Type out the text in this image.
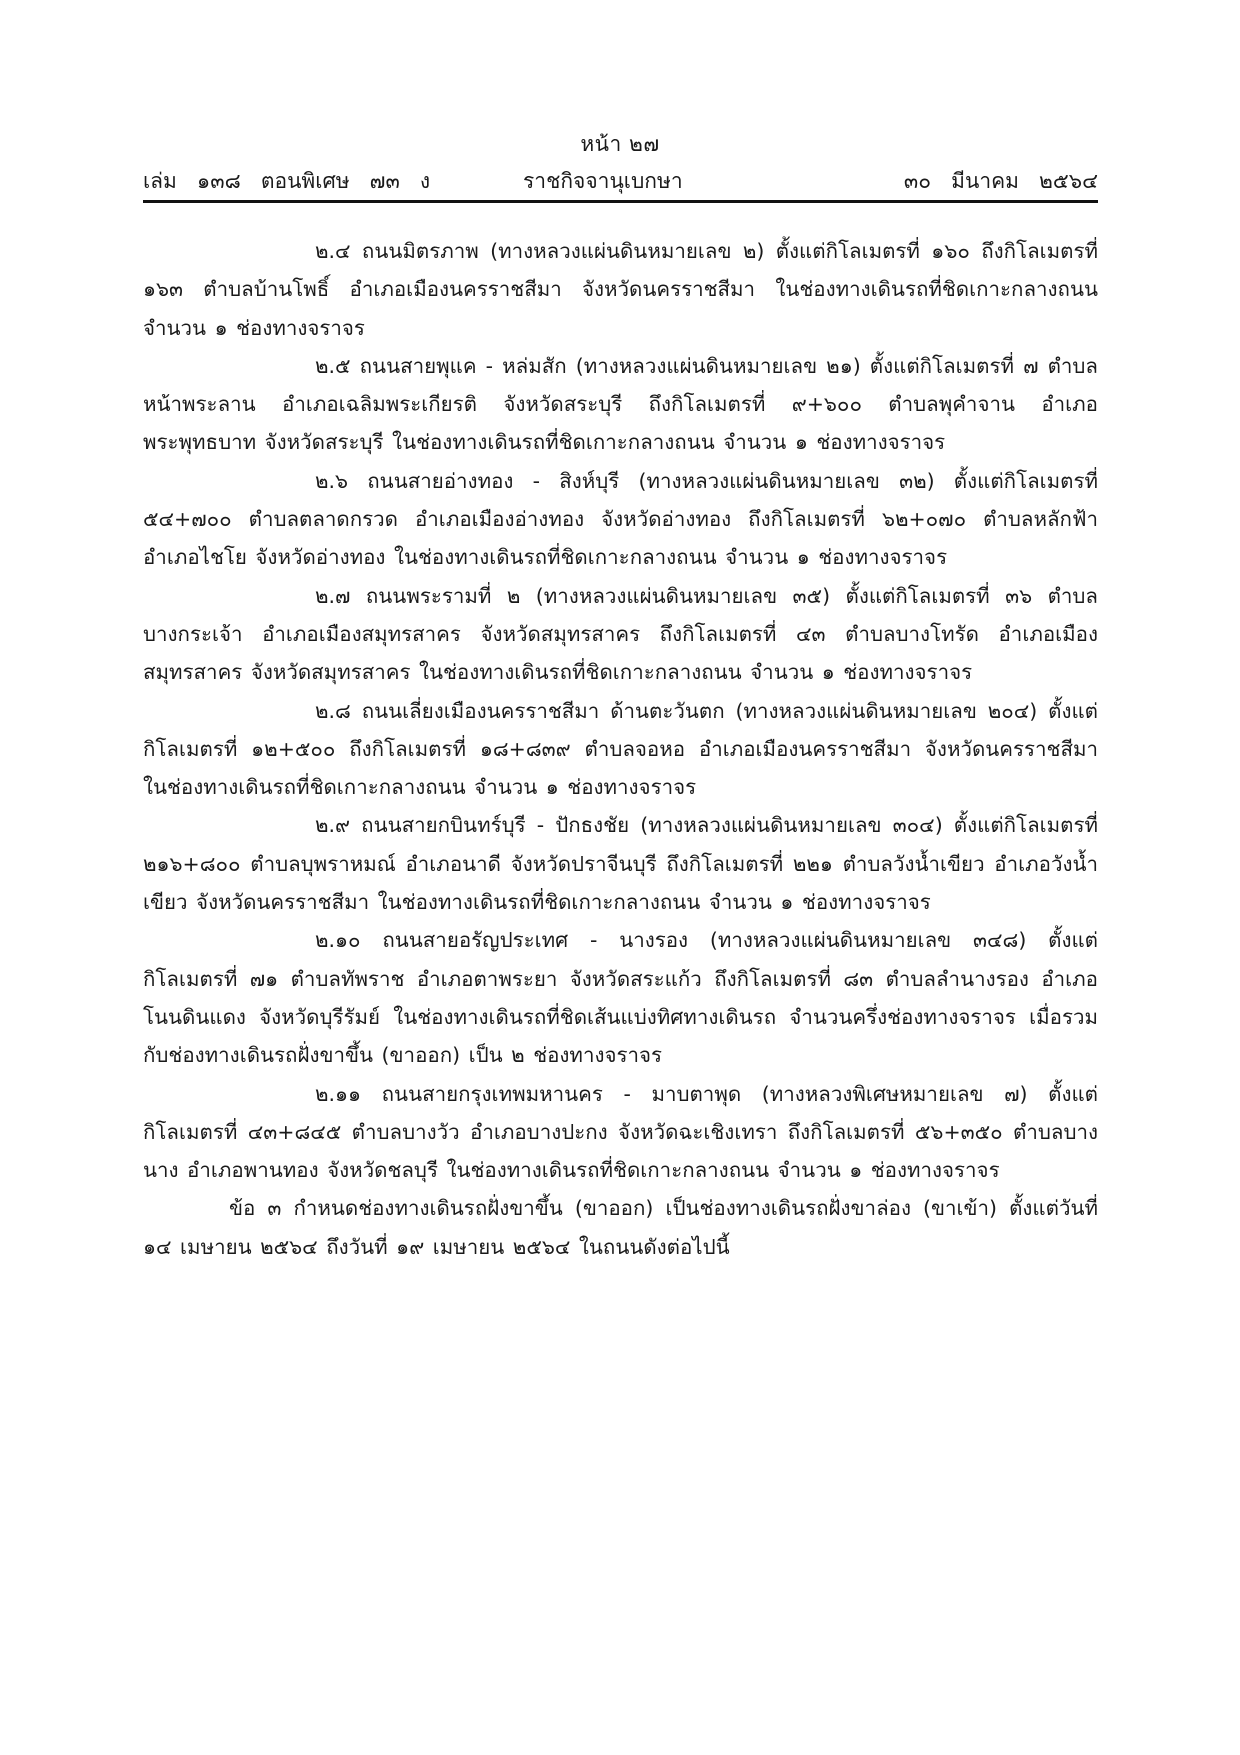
หน้า ๒๗
เล่ม   ๑๓๘   ตอนพิเศษ   ๗๓   ง	ราชกิจจานุเบกษา	๓๐   มีนาคม   ๒๕๖๔

๒.๔ ถนนมิตรภาพ (ทางหลวงแผ่นดินหมายเลข ๒) ตั้งแต่กิโลเมตรที่ ๑๖๐ ถึงกิโลเมตรที่ ๑๖๓ ตำบลบ้านโพธิ์ อำเภอเมืองนครราชสีมา จังหวัดนครราชสีมา ในช่องทางเดินรถที่ชิดเกาะกลางถนน จำนวน ๑ ช่องทางจราจร

๒.๕ ถนนสายพุแค - หล่มสัก (ทางหลวงแผ่นดินหมายเลข ๒๑) ตั้งแต่กิโลเมตรที่ ๗ ตำบลหน้าพระลาน อำเภอเฉลิมพระเกียรติ จังหวัดสระบุรี ถึงกิโลเมตรที่ ๙+๖๐๐ ตำบลพุคำจาน อำเภอพระพุทธบาท จังหวัดสระบุรี ในช่องทางเดินรถที่ชิดเกาะกลางถนน จำนวน ๑ ช่องทางจราจร

๒.๖ ถนนสายอ่างทอง - สิงห์บุรี (ทางหลวงแผ่นดินหมายเลข ๓๒) ตั้งแต่กิโลเมตรที่ ๕๔+๗๐๐ ตำบลตลาดกรวด อำเภอเมืองอ่างทอง จังหวัดอ่างทอง ถึงกิโลเมตรที่ ๖๒+๐๗๐ ตำบลหลักฟ้า อำเภอไชโย จังหวัดอ่างทอง ในช่องทางเดินรถที่ชิดเกาะกลางถนน จำนวน ๑ ช่องทางจราจร

๒.๗ ถนนพระรามที่ ๒ (ทางหลวงแผ่นดินหมายเลข ๓๕) ตั้งแต่กิโลเมตรที่ ๓๖ ตำบลบางกระเจ้า อำเภอเมืองสมุทรสาคร จังหวัดสมุทรสาคร ถึงกิโลเมตรที่ ๔๓ ตำบลบางโทรัด อำเภอเมืองสมุทรสาคร จังหวัดสมุทรสาคร ในช่องทางเดินรถที่ชิดเกาะกลางถนน จำนวน ๑ ช่องทางจราจร

๒.๘ ถนนเลี่ยงเมืองนครราชสีมา ด้านตะวันตก (ทางหลวงแผ่นดินหมายเลข ๒๐๔) ตั้งแต่กิโลเมตรที่ ๑๒+๕๐๐ ถึงกิโลเมตรที่ ๑๘+๘๓๙ ตำบลจอหอ อำเภอเมืองนครราชสีมา จังหวัดนครราชสีมา ในช่องทางเดินรถที่ชิดเกาะกลางถนน จำนวน ๑ ช่องทางจราจร

๒.๙ ถนนสายกบินทร์บุรี - ปักธงชัย (ทางหลวงแผ่นดินหมายเลข ๓๐๔) ตั้งแต่กิโลเมตรที่ ๒๑๖+๘๐๐ ตำบลบุพราหมณ์ อำเภอนาดี จังหวัดปราจีนบุรี ถึงกิโลเมตรที่ ๒๒๑ ตำบลวังน้ำเขียว อำเภอวังน้ำเขียว จังหวัดนครราชสีมา ในช่องทางเดินรถที่ชิดเกาะกลางถนน จำนวน ๑ ช่องทางจราจร

๒.๑๐ ถนนสายอรัญประเทศ - นางรอง (ทางหลวงแผ่นดินหมายเลข ๓๔๘) ตั้งแต่กิโลเมตรที่ ๗๑ ตำบลทัพราช อำเภอตาพระยา จังหวัดสระแก้ว ถึงกิโลเมตรที่ ๘๓ ตำบลลำนางรอง อำเภอโนนดินแดง จังหวัดบุรีรัมย์ ในช่องทางเดินรถที่ชิดเส้นแบ่งทิศทางเดินรถ จำนวนครึ่งช่องทางจราจร เมื่อรวมกับช่องทางเดินรถฝั่งขาขึ้น (ขาออก) เป็น ๒ ช่องทางจราจร

๒.๑๑ ถนนสายกรุงเทพมหานคร - มาบตาพุด (ทางหลวงพิเศษหมายเลข ๗) ตั้งแต่กิโลเมตรที่ ๔๓+๘๔๕ ตำบลบางวัว อำเภอบางปะกง จังหวัดฉะเชิงเทรา ถึงกิโลเมตรที่ ๕๖+๓๕๐ ตำบลบางนาง อำเภอพานทอง จังหวัดชลบุรี ในช่องทางเดินรถที่ชิดเกาะกลางถนน จำนวน ๑ ช่องทางจราจร

ข้อ ๓ กำหนดช่องทางเดินรถฝั่งขาขึ้น (ขาออก) เป็นช่องทางเดินรถฝั่งขาล่อง (ขาเข้า) ตั้งแต่วันที่ ๑๔ เมษายน ๒๕๖๔ ถึงวันที่ ๑๙ เมษายน ๒๕๖๔ ในถนนดังต่อไปนี้
